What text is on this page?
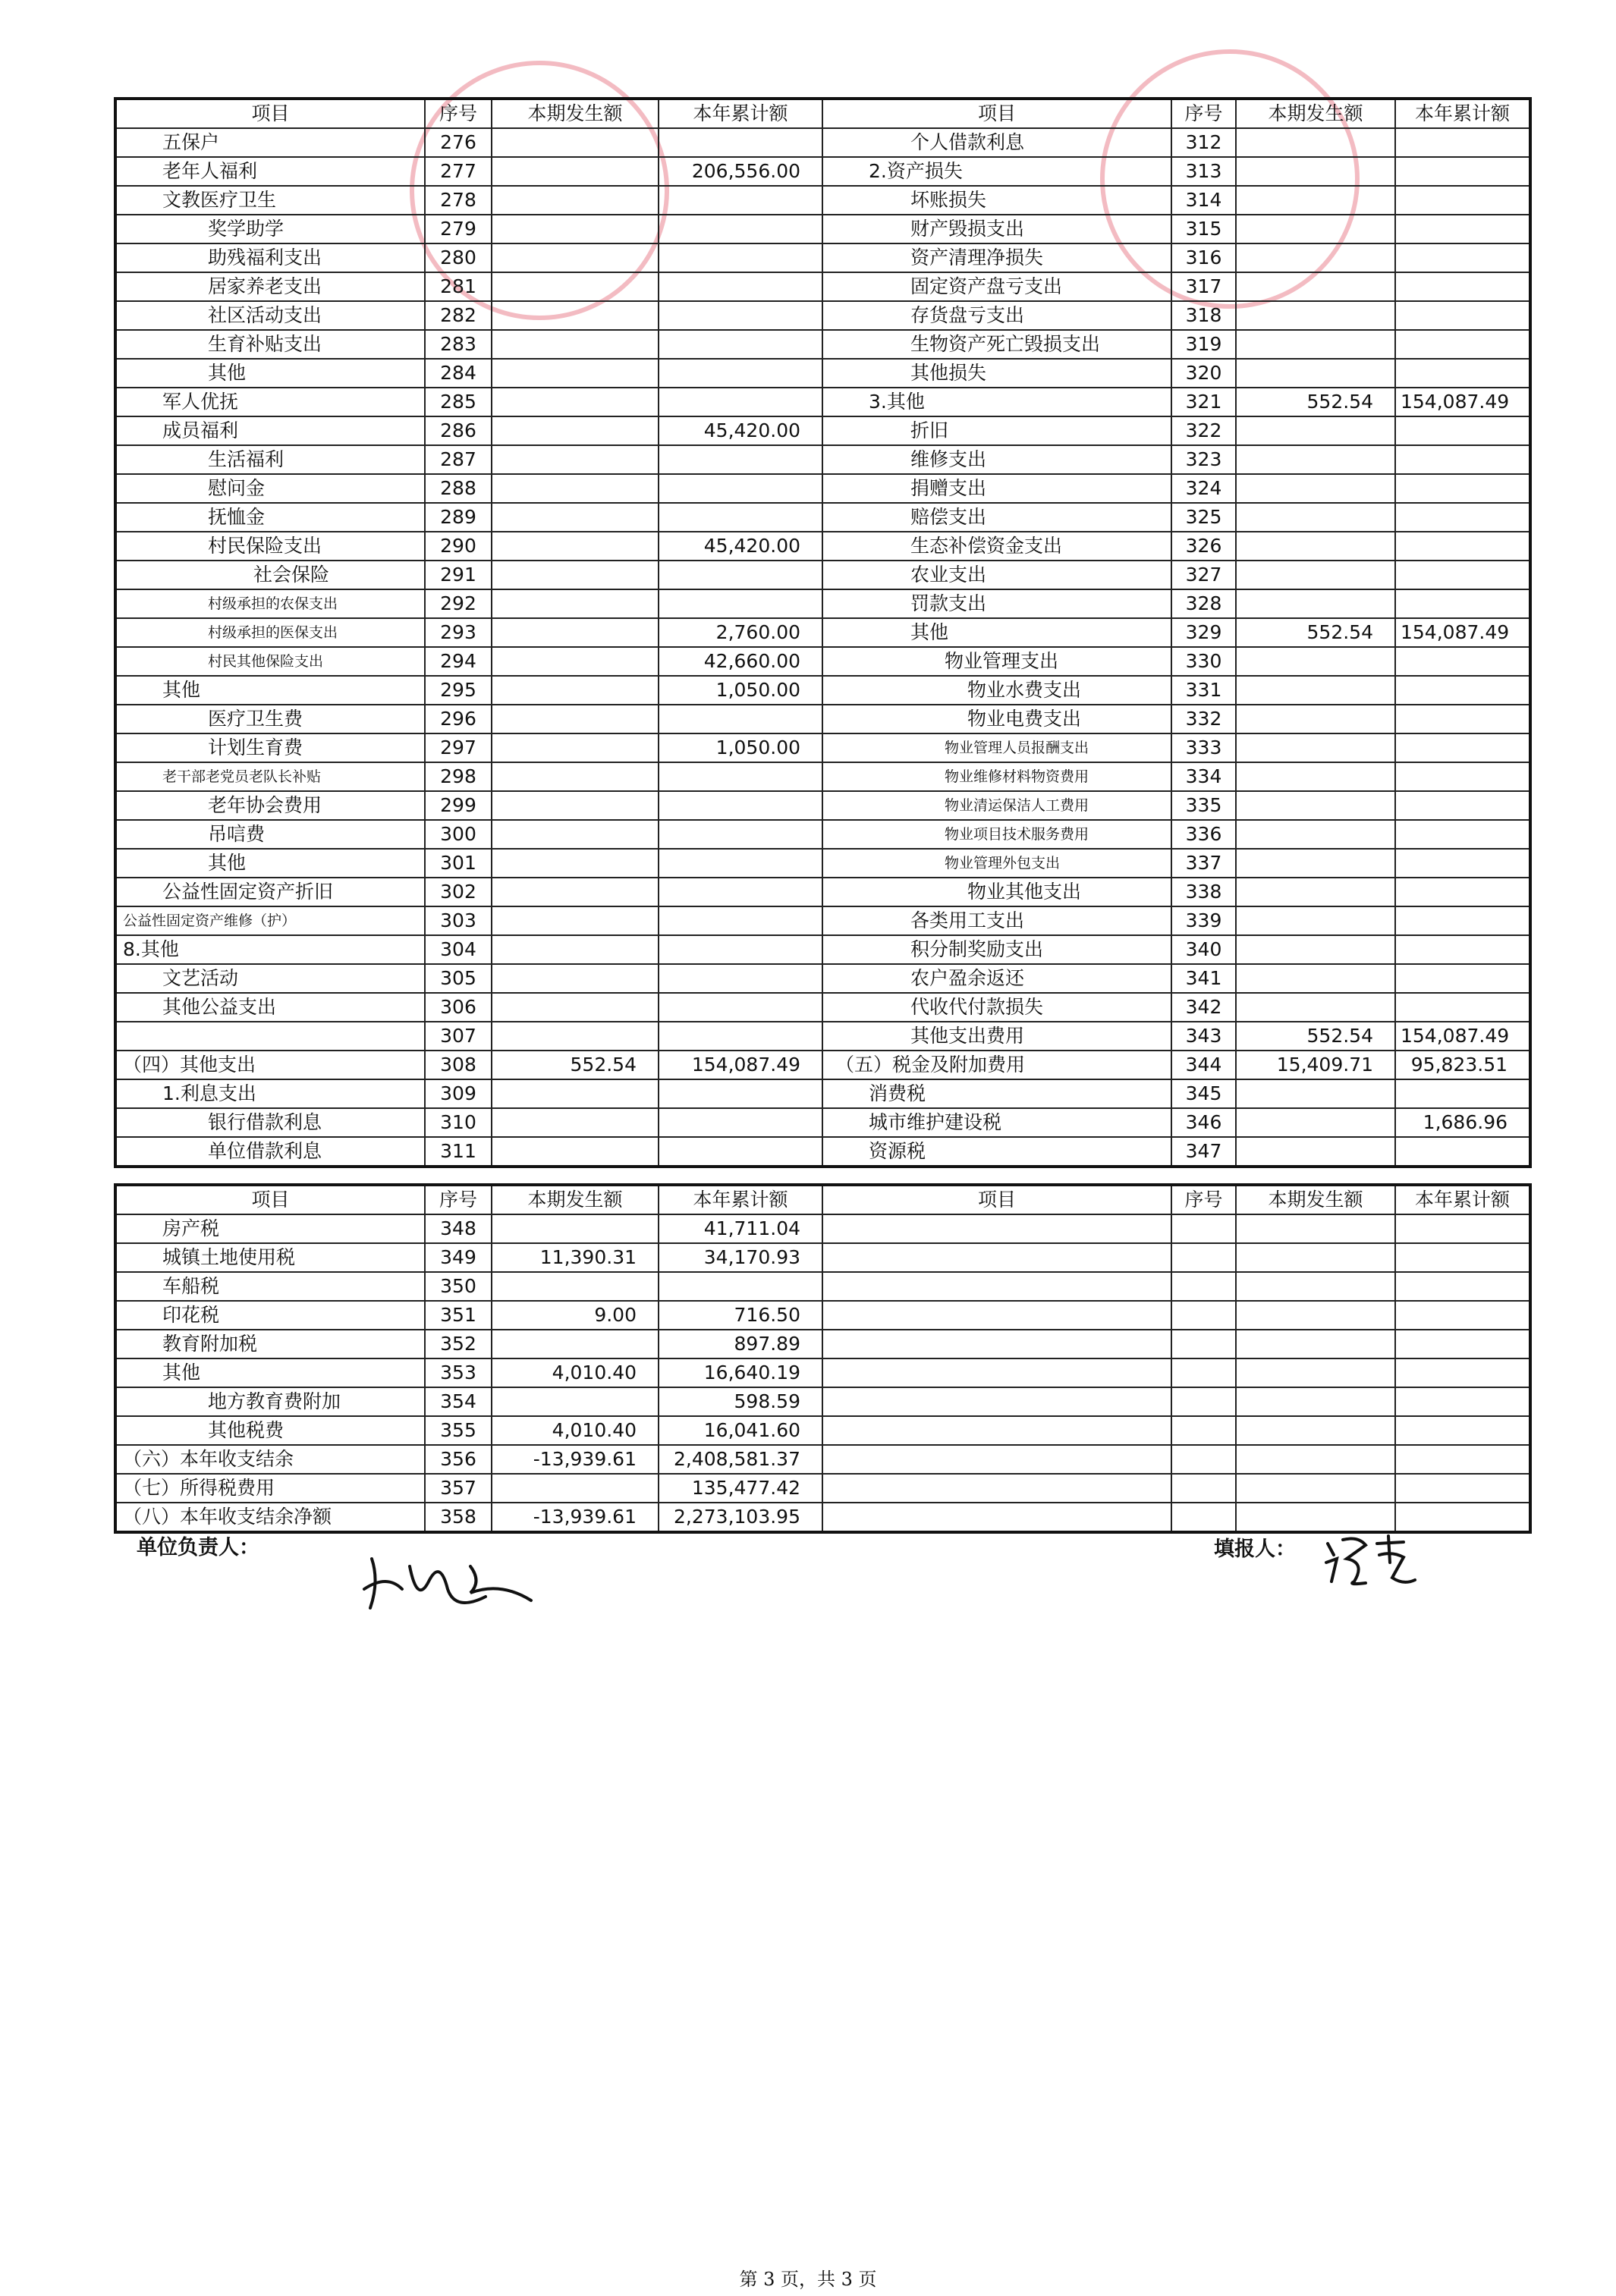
项目	序号	本期发生额	本年累计额	项目	序号	本期发生额	本年累计额
五保户	276			个人借款利息	312		
老年人福利	277		206,556.00	2.资产损失	313		
文教医疗卫生	278			坏账损失	314		
奖学助学	279			财产毁损支出	315		
助残福利支出	280			资产清理净损失	316		
居家养老支出	281			固定资产盘亏支出	317		
社区活动支出	282			存货盘亏支出	318		
生育补贴支出	283			生物资产死亡毁损支出	319		
其他	284			其他损失	320		
军人优抚	285			3.其他	321	552.54	154,087.49
成员福利	286		45,420.00	折旧	322		
生活福利	287			维修支出	323		
慰问金	288			捐赠支出	324		
抚恤金	289			赔偿支出	325		
村民保险支出	290		45,420.00	生态补偿资金支出	326		
社会保险	291			农业支出	327		
村级承担的农保支出	292			罚款支出	328		
村级承担的医保支出	293		2,760.00	其他	329	552.54	154,087.49
村民其他保险支出	294		42,660.00	物业管理支出	330		
其他	295		1,050.00	物业水费支出	331		
医疗卫生费	296			物业电费支出	332		
计划生育费	297		1,050.00	物业管理人员报酬支出	333		
老干部老党员老队长补贴	298			物业维修材料物资费用	334		
老年协会费用	299			物业清运保洁人工费用	335		
吊唁费	300			物业项目技术服务费用	336		
其他	301			物业管理外包支出	337		
公益性固定资产折旧	302			物业其他支出	338		
公益性固定资产维修（护）	303			各类用工支出	339		
8.其他	304			积分制奖励支出	340		
文艺活动	305			农户盈余返还	341		
其他公益支出	306			代收代付款损失	342		
	307			其他支出费用	343	552.54	154,087.49
（四）其他支出	308	552.54	154,087.49	（五）税金及附加费用	344	15,409.71	95,823.51
1.利息支出	309			消费税	345		
银行借款利息	310			城市维护建设税	346		1,686.96
单位借款利息	311			资源税	347		
项目	序号	本期发生额	本年累计额	项目	序号	本期发生额	本年累计额
房产税	348		41,711.04				
城镇土地使用税	349	11,390.31	34,170.93				
车船税	350						
印花税	351	9.00	716.50				
教育附加税	352		897.89				
其他	353	4,010.40	16,640.19				
地方教育费附加	354		598.59				
其他税费	355	4,010.40	16,041.60				
（六）本年收支结余	356	-13,939.61	2,408,581.37				
（七）所得税费用	357		135,477.42				
（八）本年收支结余净额	358	-13,939.61	2,273,103.95				
单位负责人：	填报人：
第 3 页，共 3 页
